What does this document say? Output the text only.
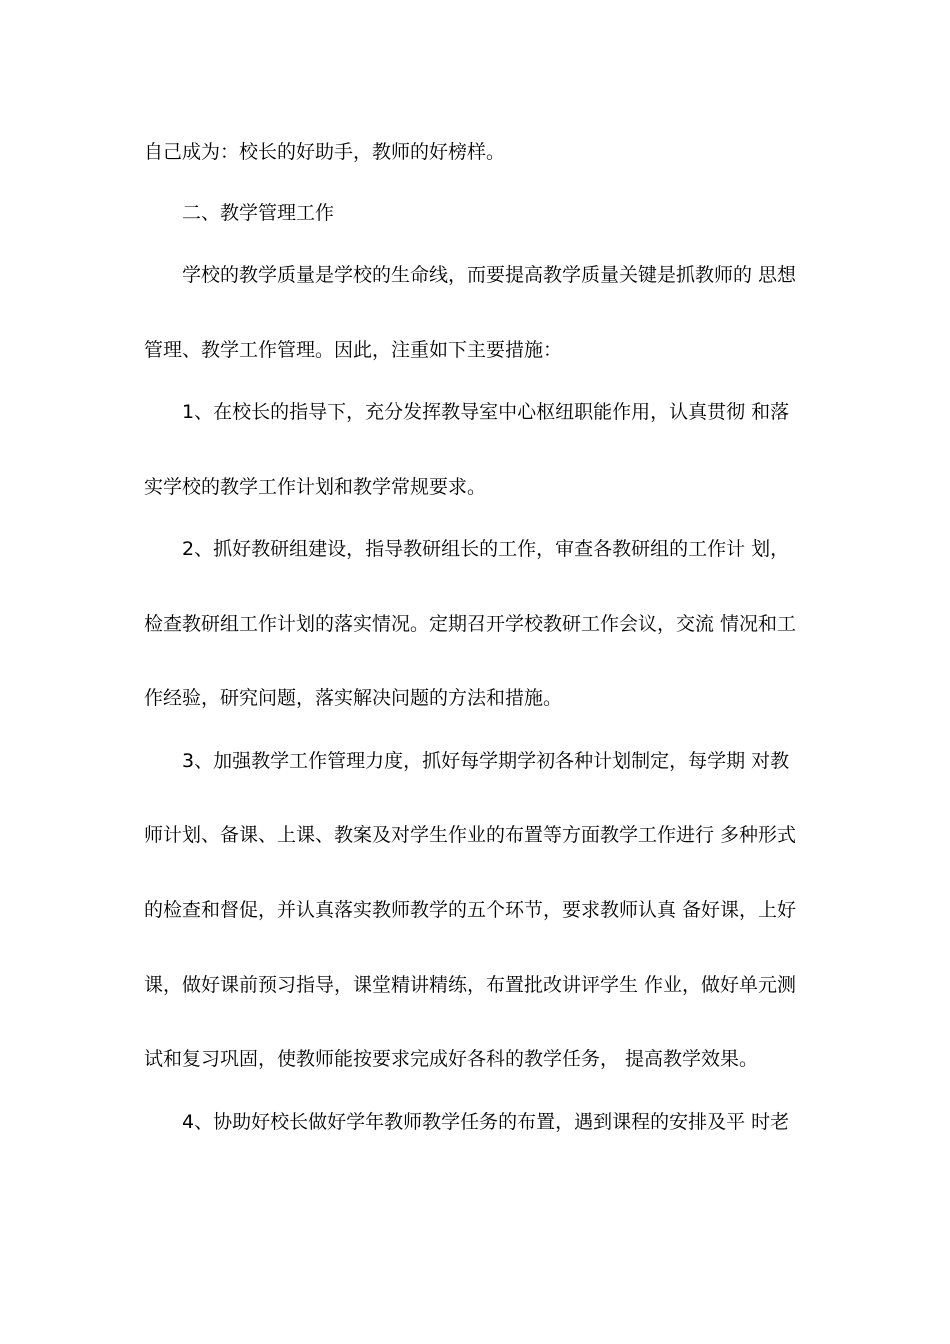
自己成为：校长的好助手，教师的好榜样。
二、教学管理工作
学校的教学质量是学校的生命线，而要提高教学质量关键是抓教师的 思想
管理、教学工作管理。因此，注重如下主要措施：
1、在校长的指导下，充分发挥教导室中心枢纽职能作用，认真贯彻 和落
实学校的教学工作计划和教学常规要求。
2、抓好教研组建设，指导教研组长的工作，审查各教研组的工作计 划，
检查教研组工作计划的落实情况。定期召开学校教研工作会议，交流 情况和工
作经验，研究问题，落实解决问题的方法和措施。
3、加强教学工作管理力度，抓好每学期学初各种计划制定，每学期 对教
师计划、备课、上课、教案及对学生作业的布置等方面教学工作进行 多种形式
的检查和督促，并认真落实教师教学的五个环节，要求教师认真 备好课，上好
课，做好课前预习指导，课堂精讲精练，布置批改讲评学生 作业，做好单元测
试和复习巩固，使教师能按要求完成好各科的教学任务， 提高教学效果。
4、协助好校长做好学年教师教学任务的布置，遇到课程的安排及平 时老
